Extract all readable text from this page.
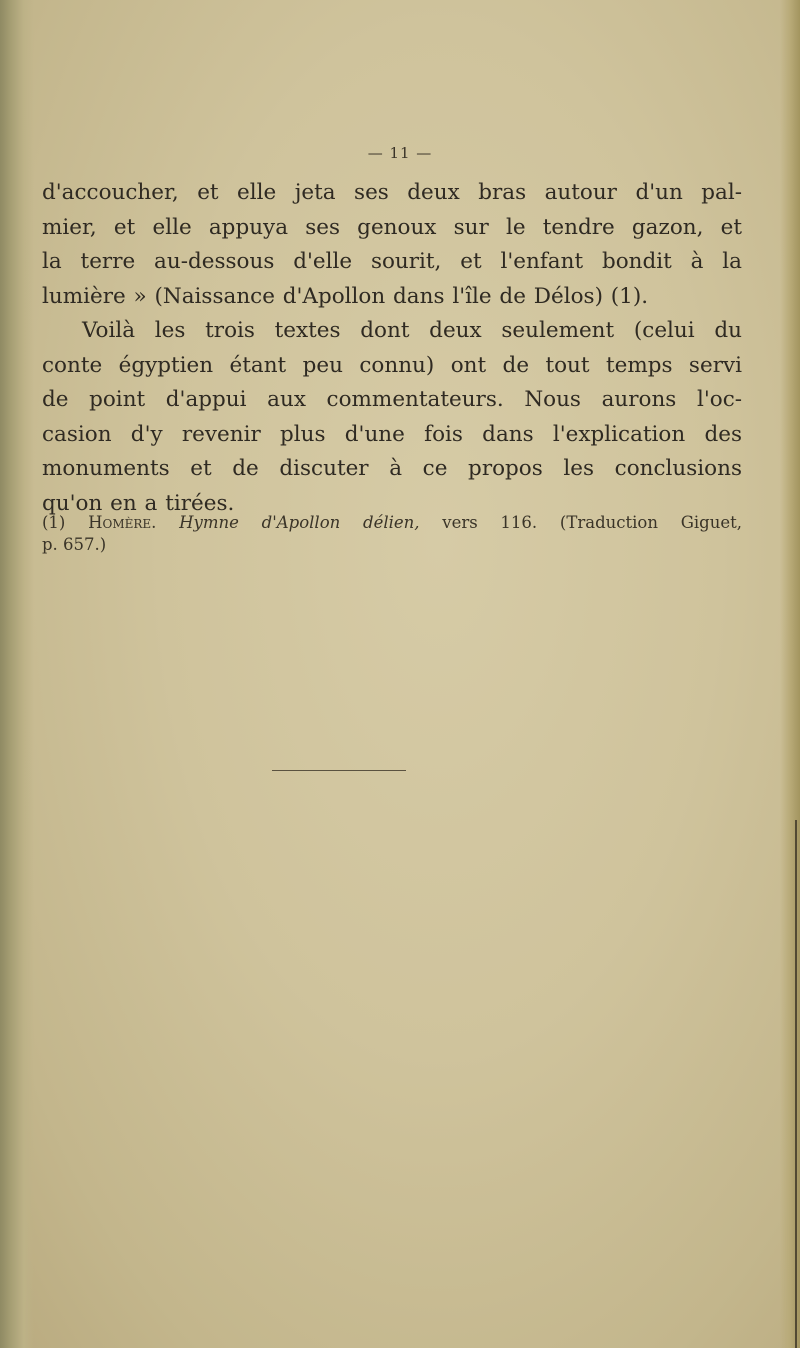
— 11 —
d'accoucher, et elle jeta ses deux bras autour d'un pal-
mier, et elle appuya ses genoux sur le tendre gazon, et
la terre au-dessous d'elle sourit, et l'enfant bondit à la
lumière » (Naissance d'Apollon dans l'île de Délos) (1).
Voilà les trois textes dont deux seulement (celui du
conte égyptien étant peu connu) ont de tout temps servi
de point d'appui aux commentateurs. Nous aurons l'oc-
casion d'y revenir plus d'une fois dans l'explication des
monuments et de discuter à ce propos les conclusions
qu'on en a tirées.
(1) Homère. Hymne d'Apollon délien, vers 116. (Traduction Giguet,
p. 657.)
